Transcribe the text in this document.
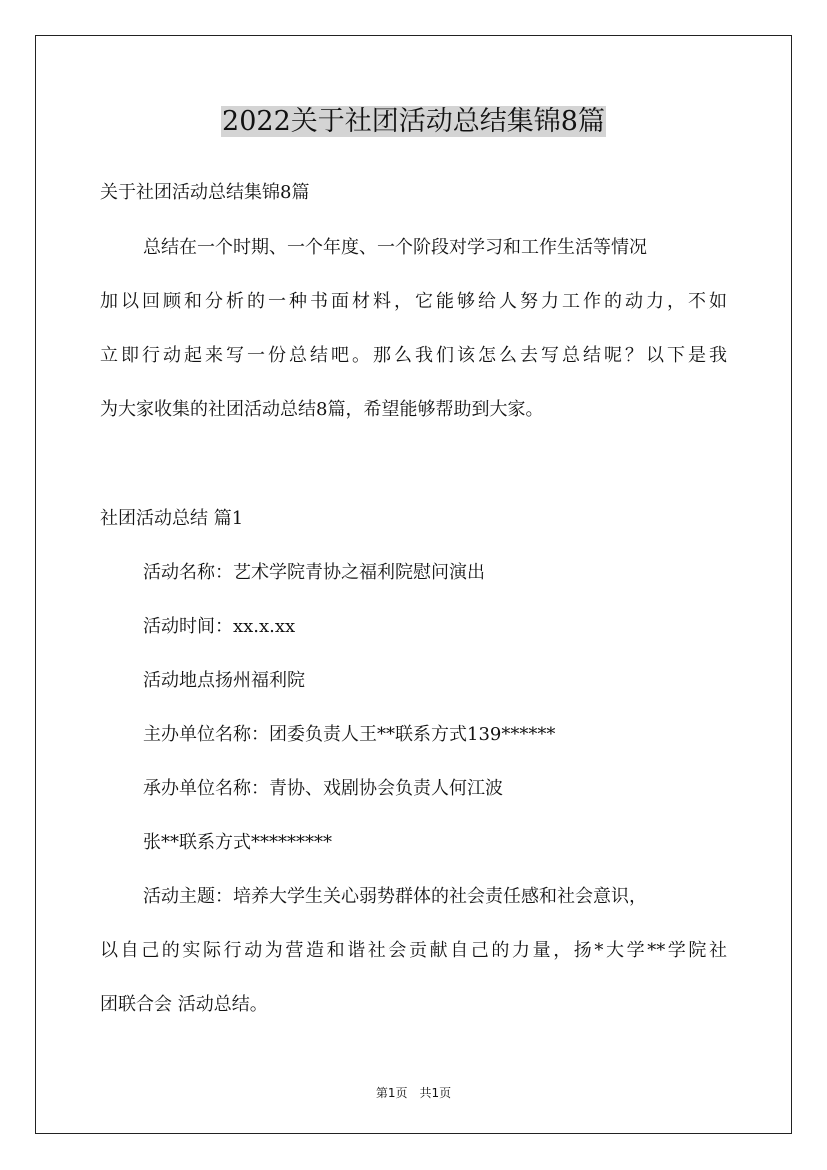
2022关于社团活动总结集锦8篇
关于社团活动总结集锦8篇
总结在一个时期、一个年度、一个阶段对学习和工作生活等情况
加以回顾和分析的一种书面材料，它能够给人努力工作的动力，不如
立即行动起来写一份总结吧。那么我们该怎么去写总结呢？以下是我
为大家收集的社团活动总结8篇，希望能够帮助到大家。
社团活动总结 篇1
活动名称：艺术学院青协之福利院慰问演出
活动时间：xx.x.xx
活动地点扬州福利院
主办单位名称：团委负责人王**联系方式139******
承办单位名称：青协、戏剧协会负责人何江波
张**联系方式*********
活动主题：培养大学生关心弱势群体的社会责任感和社会意识，
以自己的实际行动为营造和谐社会贡献自己的力量，扬*大学**学院社
团联合会 活动总结。
第1页 共1页
